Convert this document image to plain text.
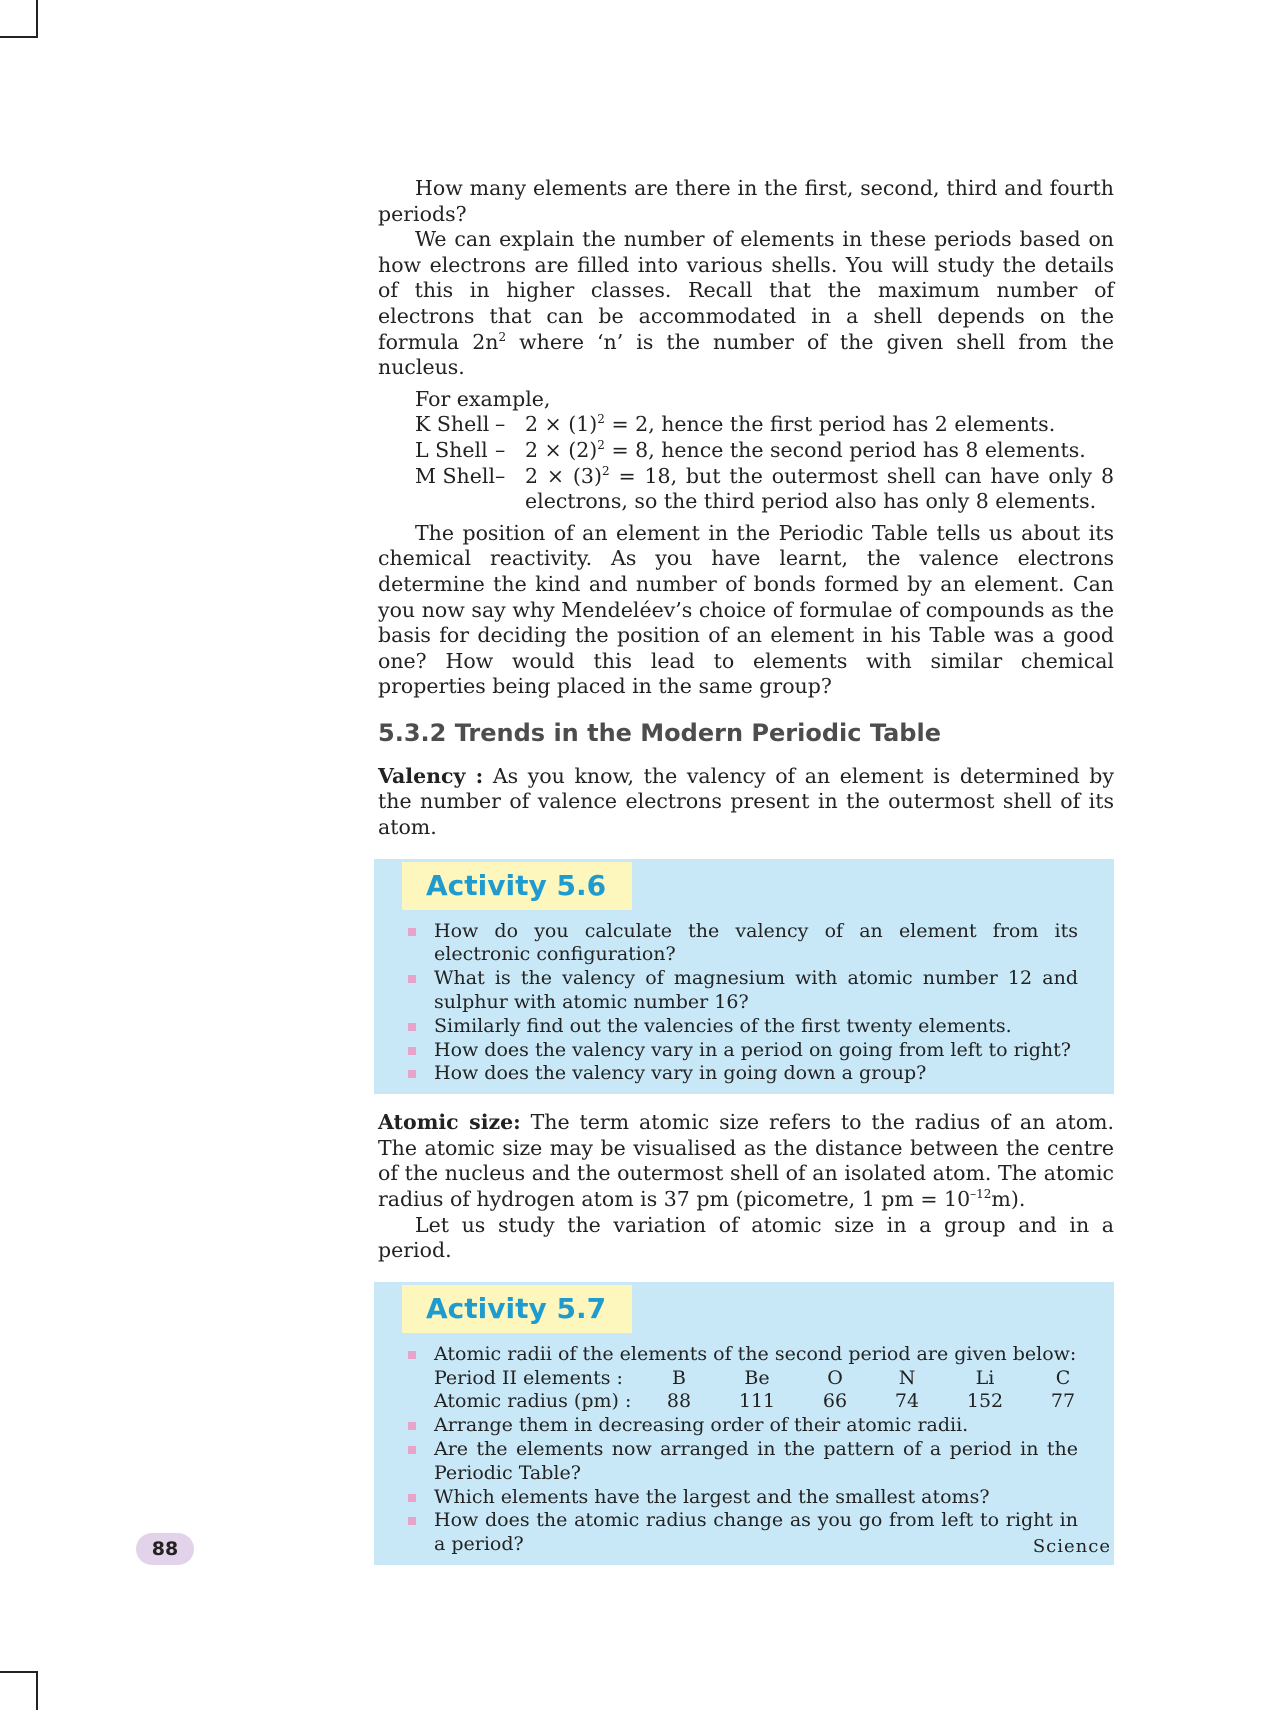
How many elements are there in the first, second, third and fourth periods?

We can explain the number of elements in these periods based on how electrons are filled into various shells. You will study the details of this in higher classes. Recall that the maximum number of electrons that can be accommodated in a shell depends on the formula $2n^2$ where ‘n’ is the number of the given shell from the nucleus.

For example,
K Shell – $2 \times (1)^2 = 2$, hence the first period has 2 elements.
L Shell – $2 \times (2)^2 = 8$, hence the second period has 8 elements.
M Shell – $2 \times (3)^2 = 18$, but the outermost shell can have only 8 electrons, so the third period also has only 8 elements.

The position of an element in the Periodic Table tells us about its chemical reactivity. As you have learnt, the valence electrons determine the kind and number of bonds formed by an element. Can you now say why Mendeléev’s choice of formulae of compounds as the basis for deciding the position of an element in his Table was a good one? How would this lead to elements with similar chemical properties being placed in the same group?

5.3.2 Trends in the Modern Periodic Table

Valency : As you know, the valency of an element is determined by the number of valence electrons present in the outermost shell of its atom.

Activity 5.6
How do you calculate the valency of an element from its electronic configuration?
What is the valency of magnesium with atomic number 12 and sulphur with atomic number 16?
Similarly find out the valencies of the first twenty elements.
How does the valency vary in a period on going from left to right?
How does the valency vary in going down a group?

Atomic size: The term atomic size refers to the radius of an atom. The atomic size may be visualised as the distance between the centre of the nucleus and the outermost shell of an isolated atom. The atomic radius of hydrogen atom is 37 pm (picometre, 1 pm = $10^{-12}m$).

Let us study the variation of atomic size in a group and in a period.

Activity 5.7
Atomic radii of the elements of the second period are given below:
Period II elements :	B	Be	O	N	Li	C
Atomic radius (pm) :	88	111	66	74	152	77
Arrange them in decreasing order of their atomic radii.
Are the elements now arranged in the pattern of a period in the Periodic Table?
Which elements have the largest and the smallest atoms?
How does the atomic radius change as you go from left to right in a period?
88	Science
